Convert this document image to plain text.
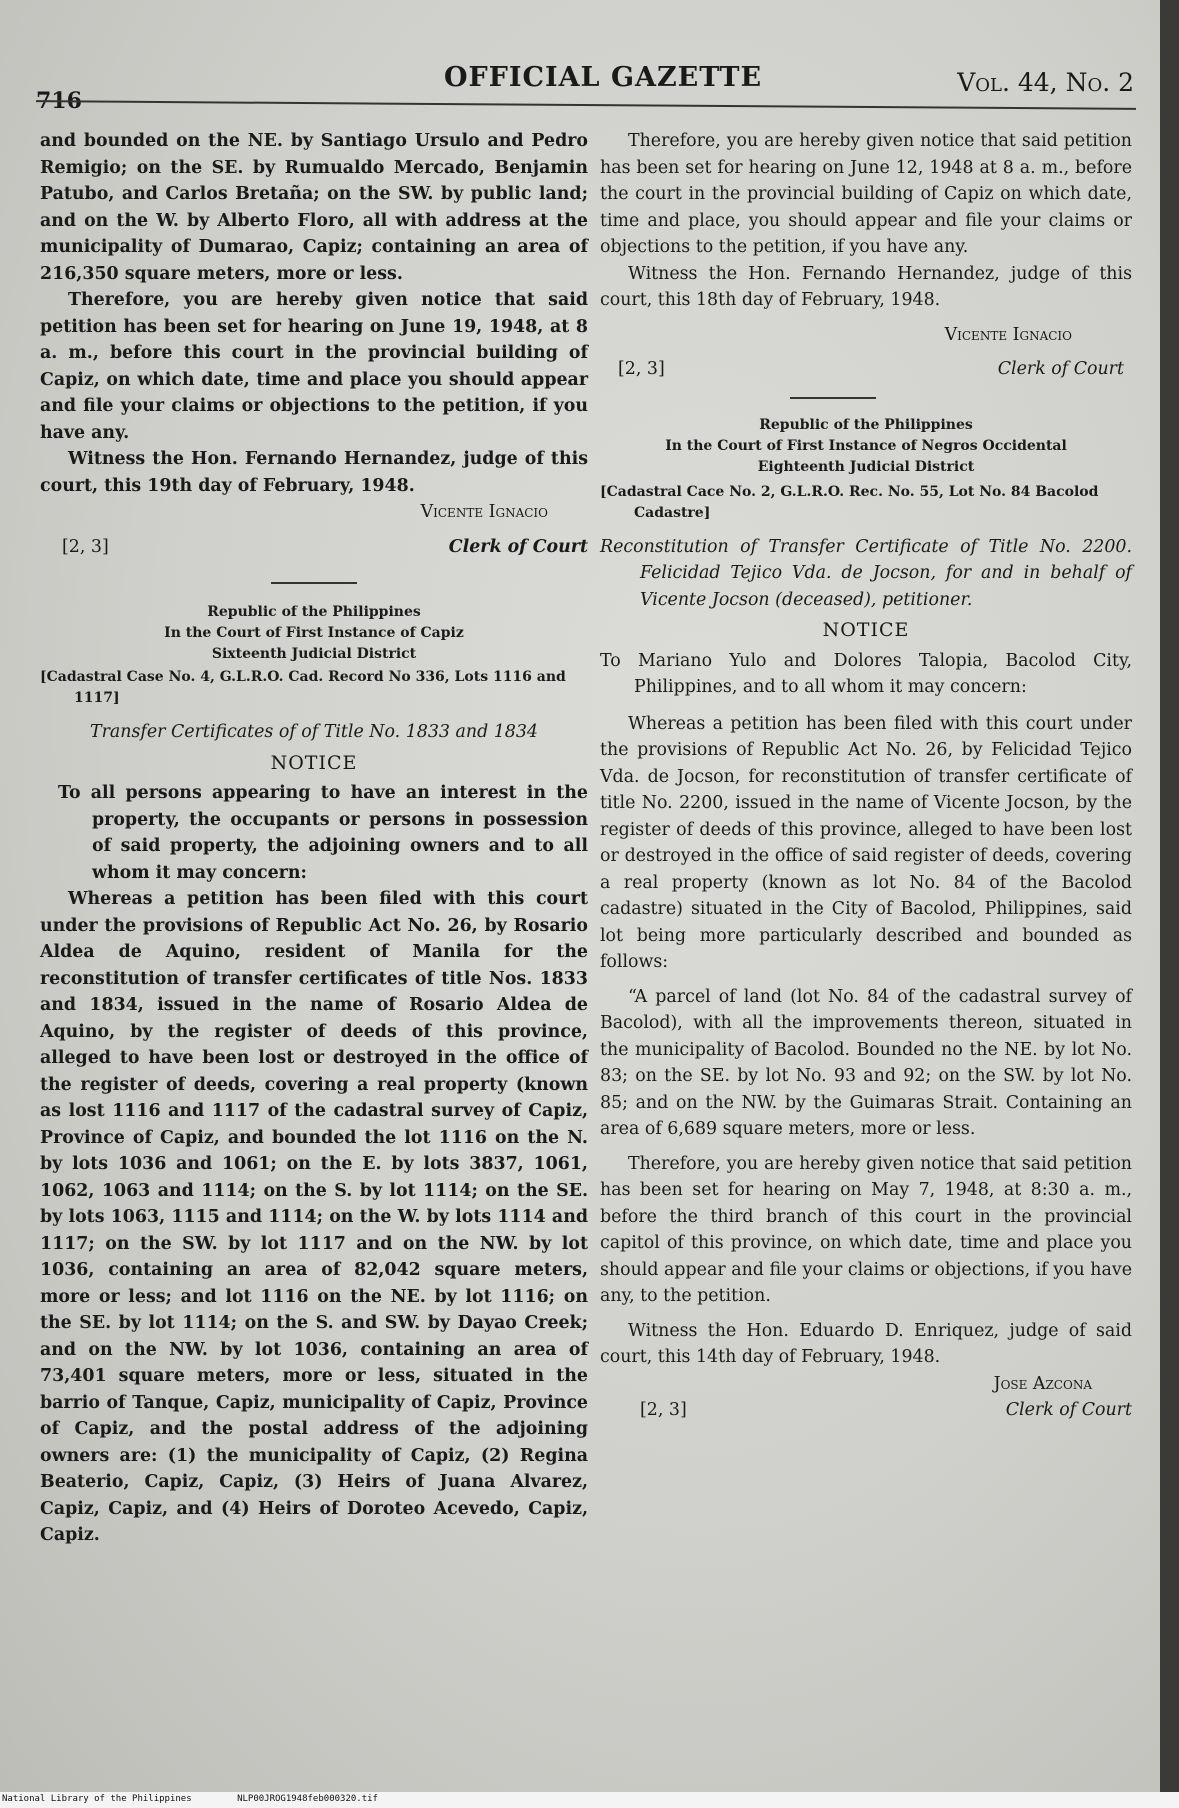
716
OFFICIAL GAZETTE	Vol. 44, No. 2

and bounded on the NE. by Santiago Ursulo and Pedro Remigio; on the SE. by Rumualdo Mercado, Benjamin Patubo, and Carlos Bretaña; on the SW. by public land; and on the W. by Alberto Floro, all with address at the municipality of Dumarao, Capiz; containing an area of 216,350 square meters, more or less.

Therefore, you are hereby given notice that said petition has been set for hearing on June 19, 1948, at 8 a. m., before this court in the provincial building of Capiz, on which date, time and place you should appear and file your claims or objections to the petition, if you have any.

Witness the Hon. Fernando Hernandez, judge of this court, this 19th day of February, 1948.

Vicente Ignacio

[2, 3]	Clerk of Court
Republic of the Philippines
In the Court of First Instance of Capiz
Sixteenth Judicial District
[Cadastral Case No. 4, G.L.R.O. Cad. Record No 336, Lots 1116 and 1117]

Transfer Certificates of of Title No. 1833 and 1834

NOTICE

To all persons appearing to have an interest in the property, the occupants or persons in possession of said property, the adjoining owners and to all whom it may concern:

Whereas a petition has been filed with this court under the provisions of Republic Act No. 26, by Rosario Aldea de Aquino, resident of Manila for the reconstitution of transfer certificates of title Nos. 1833 and 1834, issued in the name of Rosario Aldea de Aquino, by the register of deeds of this province, alleged to have been lost or destroyed in the office of the register of deeds, covering a real property (known as lost 1116 and 1117 of the cadastral survey of Capiz, Province of Capiz, and bounded the lot 1116 on the N. by lots 1036 and 1061; on the E. by lots 3837, 1061, 1062, 1063 and 1114; on the S. by lot 1114; on the SE. by lots 1063, 1115 and 1114; on the W. by lots 1114 and 1117; on the SW. by lot 1117 and on the NW. by lot 1036, containing an area of 82,042 square meters, more or less; and lot 1116 on the NE. by lot 1116; on the SE. by lot 1114; on the S. and SW. by Dayao Creek; and on the NW. by lot 1036, containing an area of 73,401 square meters, more or less, situated in the barrio of Tanque, Capiz, municipality of Capiz, Province of Capiz, and the postal address of the adjoining owners are: (1) the municipality of Capiz, (2) Regina Beaterio, Capiz, Capiz, (3) Heirs of Juana Alvarez, Capiz, Capiz, and (4) Heirs of Doroteo Acevedo, Capiz, Capiz.

Therefore, you are hereby given notice that said petition has been set for hearing on June 12, 1948 at 8 a. m., before the court in the provincial building of Capiz on which date, time and place, you should appear and file your claims or objections to the petition, if you have any.

Witness the Hon. Fernando Hernandez, judge of this court, this 18th day of February, 1948.

Vicente Ignacio

[2, 3]	Clerk of Court
Republic of the Philippines
In the Court of First Instance of Negros Occidental
Eighteenth Judicial District
[Cadastral Cace No. 2, G.L.R.O. Rec. No. 55, Lot No. 84 Bacolod Cadastre]

Reconstitution of Transfer Certificate of Title No. 2200. Felicidad Tejico Vda. de Jocson, for and in behalf of Vicente Jocson (deceased), petitioner.

NOTICE

To Mariano Yulo and Dolores Talopia, Bacolod City, Philippines, and to all whom it may concern:

Whereas a petition has been filed with this court under the provisions of Republic Act No. 26, by Felicidad Tejico Vda. de Jocson, for reconstitution of transfer certificate of title No. 2200, issued in the name of Vicente Jocson, by the register of deeds of this province, alleged to have been lost or destroyed in the office of said register of deeds, covering a real property (known as lot No. 84 of the Bacolod cadastre) situated in the City of Bacolod, Philippines, said lot being more particularly described and bounded as follows:

“A parcel of land (lot No. 84 of the cadastral survey of Bacolod), with all the improvements thereon, situated in the municipality of Bacolod. Bounded no the NE. by lot No. 83; on the SE. by lot No. 93 and 92; on the SW. by lot No. 85; and on the NW. by the Guimaras Strait. Containing an area of 6,689 square meters, more or less.

Therefore, you are hereby given notice that said petition has been set for hearing on May 7, 1948, at 8:30 a. m., before the third branch of this court in the provincial capitol of this province, on which date, time and place you should appear and file your claims or objections, if you have any, to the petition.

Witness the Hon. Eduardo D. Enriquez, judge of said court, this 14th day of February, 1948.

Jose Azcona

[2, 3]	Clerk of Court
National Library of the Philippines	NLP00JROG1948feb000320.tif
